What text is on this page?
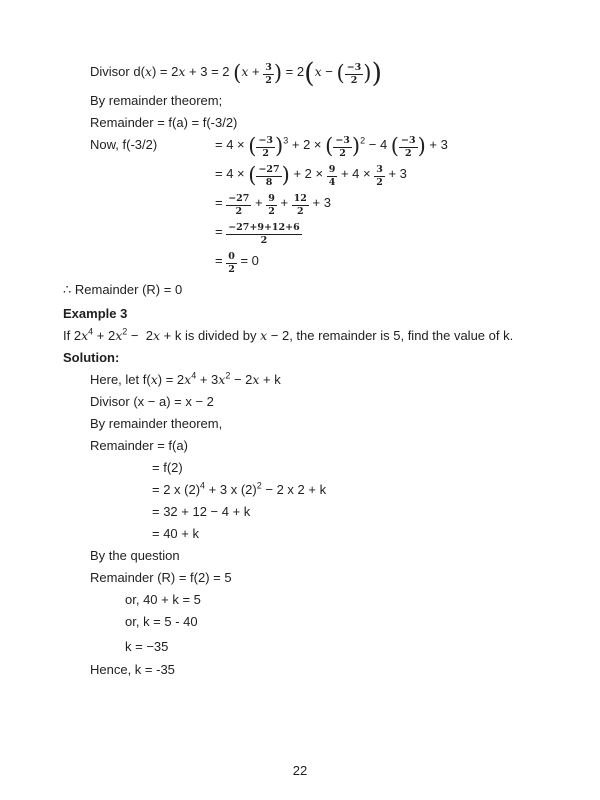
Divisor d(x) = 2x + 3 = 2 ($x + \frac{3}{2}$ ) = 2(x − ( $\frac{-3}{2}$ ))
By remainder theorem;
Remainder = f(a) = f(-3/2)
Now, f(-3/2)	= 4 × ( $\frac{-3}{2} )^3 + 2$ × ( $\frac{-3}{2} )^2 - 4$ ( $\frac{-3}{2}$ ) + 3
= 4 × ( $\frac{-27}{8}$ ) + $2 \times \frac{9}{4} + 4 \times \frac{3}{2} + 3$
= $\frac{-27}{2} + \frac{9}{2} + \frac{12}{2} + 3$
= $\frac{-27+9+12+6}{2}$
= $\frac{0}{2} = 0$
∴ Remainder (R) = 0
Example 3
If $2x^4 + 2x^2 - 2x + k$ is divided by x − 2, the remainder is 5, find the value of k.
Solution:
Here, let $f(x) = 2x^4 + 3x^2 - 2x + k$
Divisor (x − a) = x − 2
By remainder theorem,
Remainder = f(a)
= f(2)
= 2 x $(2)^4 + 3$ x $(2)^2 - 2$ x 2 + k
= 32 + 12 − 4 + k
= 40 + k
By the question
Remainder (R) = f(2) = 5
or, 40 + k = 5
or, k = 5 - 40
k = −35
Hence, k = -35
22
